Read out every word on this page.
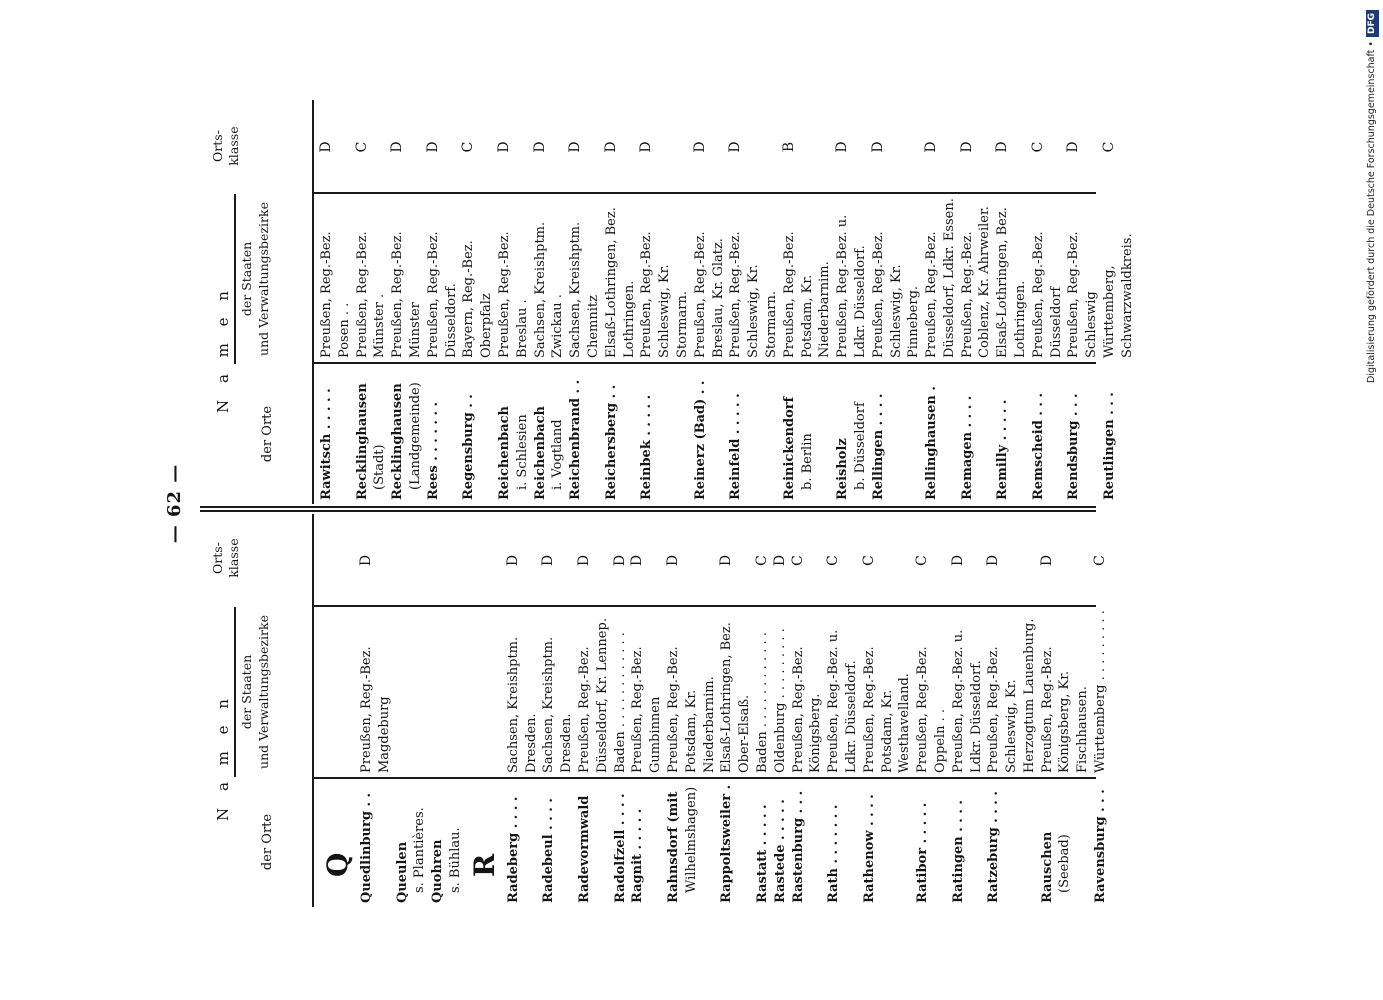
— 62 —
der Orte
N a m e n der Staaten
und Verwaltungsbezirke
Orts-
klasse
Q Quedlinburg . .
Preußen, Reg.-Bez. Magdeburg
D
Queulen s. Plantières. Quohren s. Bühlau. R Radeberg . . . .
Sachsen, Kreishptm. Dresden.
D
Radebeul . . . .
Sachsen, Kreishptm. Dresden.
D
Radevormwald
Preußen, Reg.-Bez. Düsseldorf, Kr. Lennep.
D
Radolfzell . . . .
Baden . . . . . . . . . . . .
D
Ragnit . . . . .
Preußen, Reg.-Bez. Gumbinnen
D
Rahnsdorf (mit Wilhelmshagen)
Preußen, Reg.-Bez. Potsdam, Kr. Niederbarnim.
D
Rappoltsweiler .
Elsaß-Lothringen, Bez. Ober-Elsaß.
D
Rastatt . . . . .
Baden . . . . . . . . . . . .
C
Rastede . . . . .
Oldenburg . . . . . . . . .
D
Rastenburg . . .
Preußen, Reg.-Bez. Königsberg.
C
Rath . . . . . . .
Preußen, Reg.-Bez. u. Ldkr. Düsseldorf.
C
Rathenow . . . .
Preußen, Reg.-Bez. Potsdam, Kr. Westhavelland.
C
Ratibor . . . . .
Preußen, Reg.-Bez. Oppeln . .
C
Ratingen . . . .
Preußen, Reg.-Bez. u. Ldkr. Düsseldorf.
D
Ratzeburg . . . .
Preußen, Reg.-Bez. Schleswig, Kr. Herzogtum Lauenburg.
D
Rauschen (Seebad)
Preußen, Reg.-Bez. Königsberg, Kr. Fischhausen.
D
Ravensburg . . .
Württemberg . . . . . . . . .
C
der Orte
N a m e n der Staaten
und Verwaltungsbezirke
Orts-
klasse
Rawitsch . . . . .
Preußen, Reg.-Bez. Posen . .
D
Recklinghausen (Stadt)
Preußen, Reg.-Bez. Münster .
C
Recklinghausen (Landgemeinde)
Preußen, Reg.-Bez. Münster
D
Rees . . . . . . .
Preußen, Reg.-Bez. Düsseldorf.
D
Regensburg . .
Bayern, Reg.-Bez. Oberpfalz
C
Reichenbach i. Schlesien
Preußen, Reg.-Bez. Breslau .
D
Reichenbach i. Vogtland
Sachsen, Kreishptm. Zwickau .
D
Reichenbrand . .
Sachsen, Kreishptm. Chemnitz
D
Reichersberg . .
Elsaß-Lothringen, Bez. Lothringen.
D
Reinbek . . . . .
Preußen, Reg.-Bez. Schleswig, Kr. Stormarn.
D
Reinerz (Bad) . .
Preußen, Reg.-Bez. Breslau, Kr. Glatz.
D
Reinfeld . . . . .
Preußen, Reg.-Bez. Schleswig, Kr. Stormarn.
D
Reinickendorf b. Berlin
Preußen, Reg.-Bez. Potsdam, Kr. Niederbarnim.
B
Reisholz b. Düsseldorf
Preußen, Reg.-Bez. u. Ldkr. Düsseldorf.
D
Rellingen . . . .
Preußen, Reg.-Bez. Schleswig, Kr. Pinneberg.
D
Rellinghausen .
Preußen, Reg.-Bez. Düsseldorf, Ldkr. Essen.
D
Remagen . . . .
Preußen, Reg.-Bez. Coblenz, Kr. Ahrweiler.
D
Remilly . . . . .
Elsaß-Lothringen, Bez. Lothringen.
D
Remscheid . . .
Preußen, Reg.-Bez. Düsseldorf
C
Rendsburg . . .
Preußen, Reg.-Bez. Schleswig
D
Reutlingen . . .
Württemberg, Schwarzwaldkreis.
C	Digitalisierung gefördert durch die Deutsche Forschungsgemeinschaft •DFG
